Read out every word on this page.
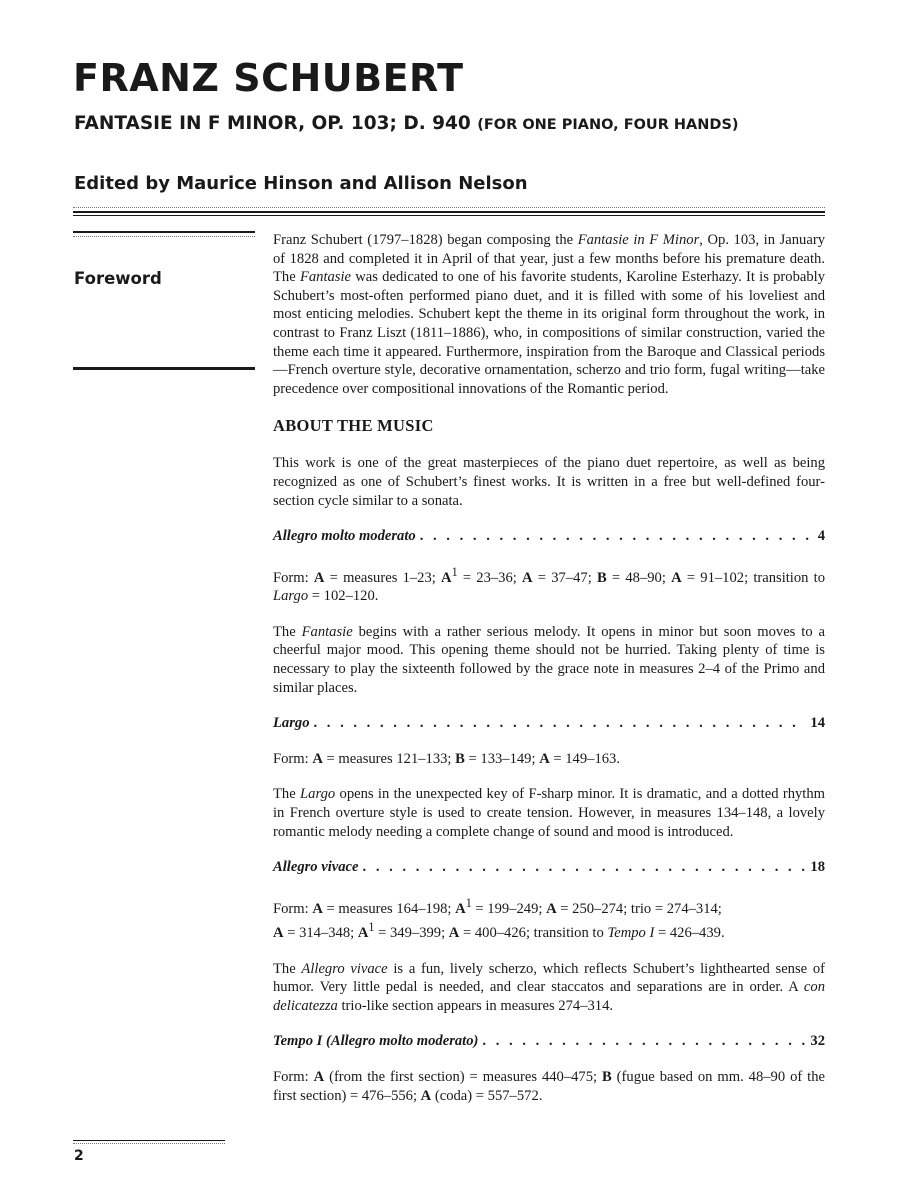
FRANZ SCHUBERT
FANTASIE IN F MINOR, OP. 103; D. 940 (FOR ONE PIANO, FOUR HANDS)
Edited by Maurice Hinson and Allison Nelson
Foreword

Franz Schubert (1797–1828) began composing the Fantasie in F Minor, Op. 103, in January of 1828 and completed it in April of that year, just a few months before his premature death. The Fantasie was dedicated to one of his favorite students, Karoline Esterhazy. It is probably Schubert’s most-often performed piano duet, and it is filled with some of his loveliest and most enticing melodies. Schubert kept the theme in its original form throughout the work, in contrast to Franz Liszt (1811–1886), who, in compositions of similar construction, varied the theme each time it appeared. Furthermore, inspiration from the Baroque and Classical periods—French overture style, decorative ornamentation, scherzo and trio form, fugal writing—take precedence over compositional innovations of the Romantic period.

ABOUT THE MUSIC

This work is one of the great masterpieces of the piano duet repertoire, as well as being recognized as one of Schubert’s finest works. It is written in a free but well-defined four-section cycle similar to a sonata.

Allegro molto moderato . . .	4

Form: A = measures 1–23; $A^1 = 23-36$; A = 37–47; B = 48–90; A = 91–102; transition to Largo = 102–120.

The Fantasie begins with a rather serious melody. It opens in minor but soon moves to a cheerful major mood. This opening theme should not be hurried. Taking plenty of time is necessary to play the sixteenth followed by the grace note in measures 2–4 of the Primo and similar places.

Largo . . .	14

Form: A = measures 121–133; B = 133–149; A = 149–163.

The Largo opens in the unexpected key of F-sharp minor. It is dramatic, and a dotted rhythm in French overture style is used to create tension. However, in measures 134–148, a lovely romantic melody needing a complete change of sound and mood is introduced.

Allegro vivace . . .	18

Form: A = measures 164–198; $A^1 = 199-249$; A = 250–274; trio = 274–314;
A = 314–348; $A^1 = 349-399$; A = 400–426; transition to Tempo I = 426–439.

The Allegro vivace is a fun, lively scherzo, which reflects Schubert’s lighthearted sense of humor. Very little pedal is needed, and clear staccatos and separations are in order. A con delicatezza trio-like section appears in measures 274–314.

Tempo I (Allegro molto moderato) . . .	32

Form: A (from the first section) = measures 440–475; B (fugue based on mm. 48–90 of the first section) = 476–556; A (coda) = 557–572.

2
